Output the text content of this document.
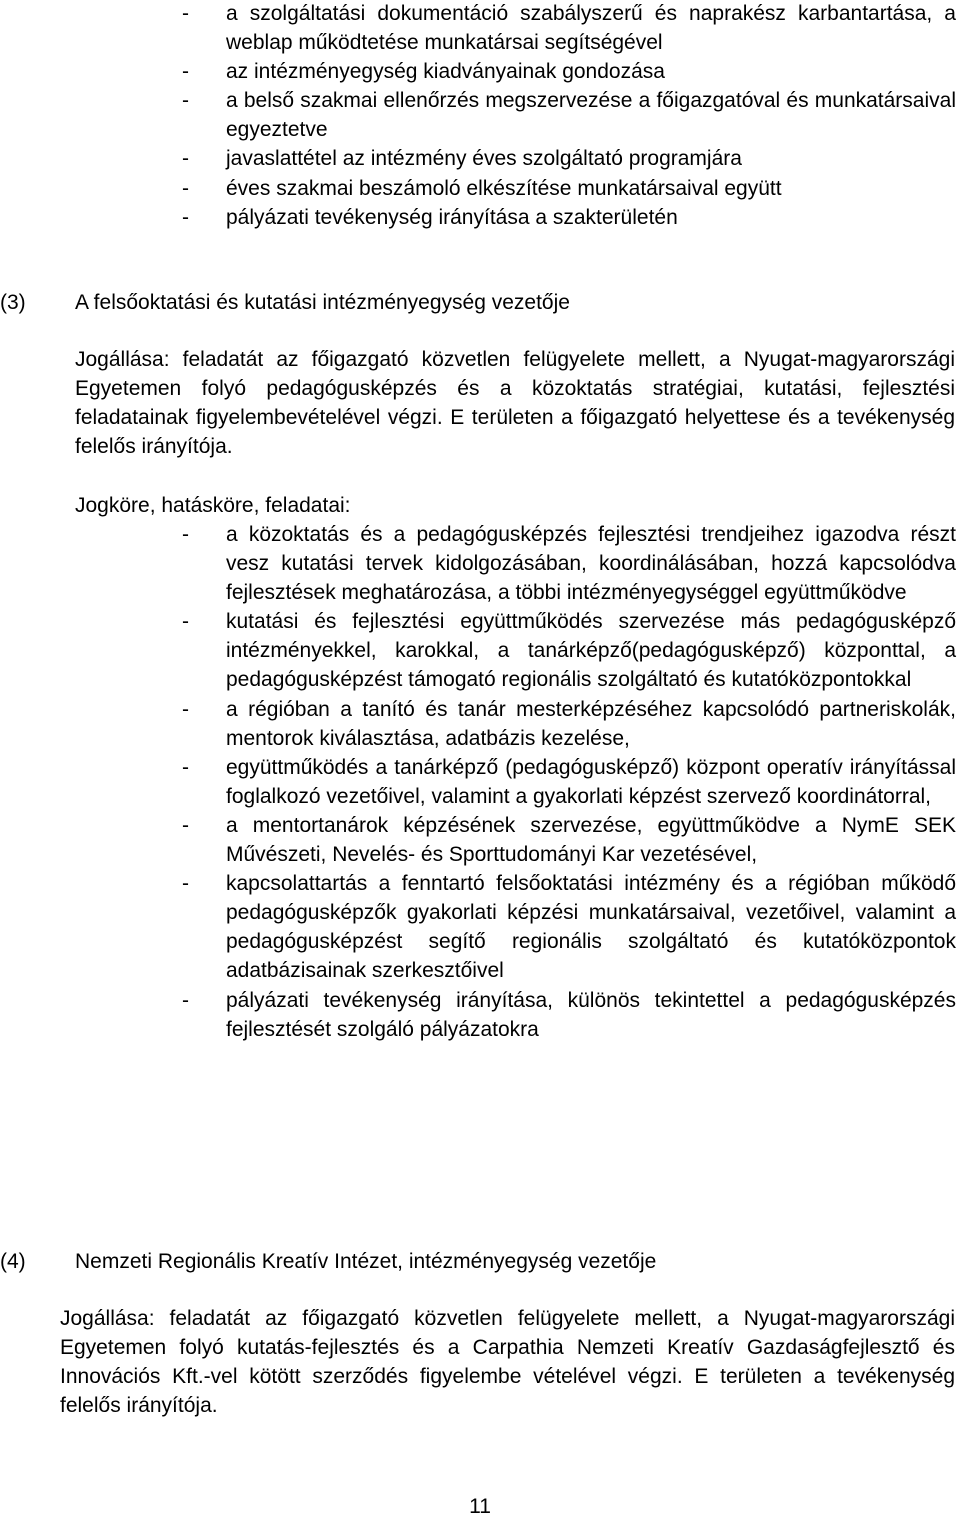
- a szolgáltatási dokumentáció szabályszerű és naprakész karbantartása, a weblap működtetése munkatársai segítségével
- az intézményegység kiadványainak gondozása
- a belső szakmai ellenőrzés megszervezése a főigazgatóval és munkatársaival egyeztetve
- javaslattétel az intézmény éves szolgáltató programjára
- éves szakmai beszámoló elkészítése munkatársaival együtt
- pályázati tevékenység irányítása a szakterületén
(3)	A felsőoktatási és kutatási intézményegység vezetője

Jogállása: feladatát az főigazgató közvetlen felügyelete mellett, a Nyugat-magyarországi Egyetemen folyó pedagógusképzés és a közoktatás stratégiai, kutatási, fejlesztési feladatainak figyelembevételével végzi. E területen a főigazgató helyettese és a tevékenység felelős irányítója.

Jogköre, hatásköre, feladatai:
- a közoktatás és a pedagógusképzés fejlesztési trendjeihez igazodva részt vesz kutatási tervek kidolgozásában, koordinálásában, hozzá kapcsolódva fejlesztések meghatározása, a többi intézményegységgel együttműködve
- kutatási és fejlesztési együttműködés szervezése más pedagógusképző intézményekkel, karokkal, a tanárképző(pedagógusképző) központtal, a pedagógusképzést támogató regionális szolgáltató és kutatóközpontokkal
- a régióban a tanító és tanár mesterképzéséhez kapcsolódó partneriskolák, mentorok kiválasztása, adatbázis kezelése,
- együttműködés a tanárképző (pedagógusképző) központ operatív irányítással foglalkozó vezetőivel, valamint a gyakorlati képzést szervező koordinátorral,
- a mentortanárok képzésének szervezése, együttműködve a NymE SEK Művészeti, Nevelés- és Sporttudományi Kar vezetésével,
- kapcsolattartás a fenntartó felsőoktatási intézmény és a régióban működő pedagógusképzők gyakorlati képzési munkatársaival, vezetőivel, valamint a pedagógusképzést segítő regionális szolgáltató és kutatóközpontok adatbázisainak szerkesztőivel
- pályázati tevékenység irányítása, különös tekintettel a pedagógusképzés fejlesztését szolgáló pályázatokra
(4)	Nemzeti Regionális Kreatív Intézet, intézményegység vezetője

Jogállása: feladatát az főigazgató közvetlen felügyelete mellett, a Nyugat-magyarországi Egyetemen folyó kutatás-fejlesztés és a Carpathia Nemzeti Kreatív Gazdaságfejlesztő és Innovációs Kft.-vel kötött szerződés figyelembe vételével végzi. E területen a tevékenység felelős irányítója.

11
